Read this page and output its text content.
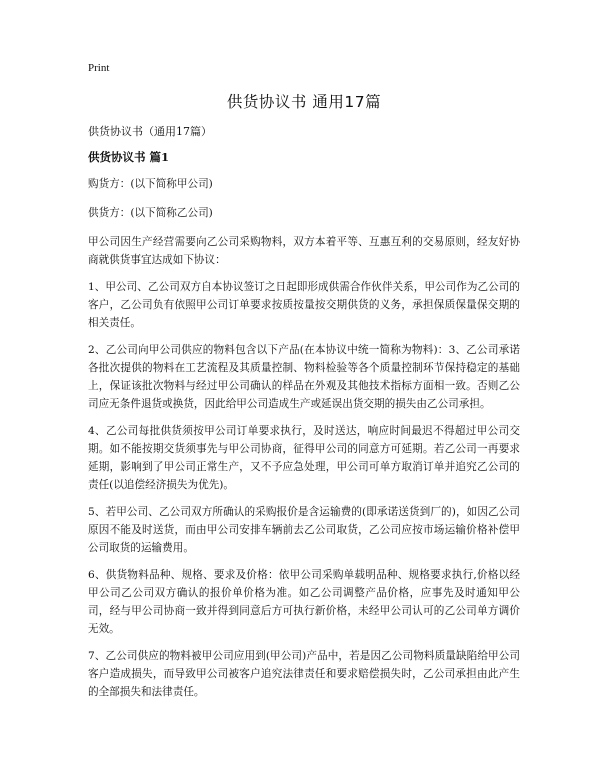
Print
供货协议书 通用17篇
供货协议书（通用17篇）
供货协议书 篇1

购货方：(以下简称甲公司)

供货方：(以下简称乙公司)

甲公司因生产经营需要向乙公司采购物料，双方本着平等、互惠互利的交易原则，经友好协商就供货事宜达成如下协议：

1、甲公司、乙公司双方自本协议签订之日起即形成供需合作伙伴关系，甲公司作为乙公司的客户，乙公司负有依照甲公司订单要求按质按量按交期供货的义务，承担保质保量保交期的相关责任。

2、乙公司向甲公司供应的物料包含以下产品(在本协议中统一简称为物料)：3、乙公司承诺各批次提供的物料在工艺流程及其质量控制、物料检验等各个质量控制环节保持稳定的基础上，保证该批次物料与经过甲公司确认的样品在外观及其他技术指标方面相一致。否则乙公司应无条件退货或换货，因此给甲公司造成生产或延误出货交期的损失由乙公司承担。

4、乙公司每批供货须按甲公司订单要求执行，及时送达，响应时间最迟不得超过甲公司交期。如不能按期交货须事先与甲公司协商，征得甲公司的同意方可延期。若乙公司一再要求延期，影响到了甲公司正常生产，又不予应急处理，甲公司可单方取消订单并追究乙公司的责任(以追偿经济损失为优先)。

5、若甲公司、乙公司双方所确认的采购报价是含运输费的(即承诺送货到厂的)，如因乙公司原因不能及时送货，而由甲公司安排车辆前去乙公司取货，乙公司应按市场运输价格补偿甲公司取货的运输费用。

6、供货物料品种、规格、要求及价格：依甲公司采购单载明品种、规格要求执行,价格以经甲公司乙公司双方确认的报价单价格为准。如乙公司调整产品价格，应事先及时通知甲公司，经与甲公司协商一致并得到同意后方可执行新价格，未经甲公司认可的乙公司单方调价无效。

7、乙公司供应的物料被甲公司应用到(甲公司)产品中，若是因乙公司物料质量缺陷给甲公司客户造成损失，而导致甲公司被客户追究法律责任和要求赔偿损失时，乙公司承担由此产生的全部损失和法律责任。
